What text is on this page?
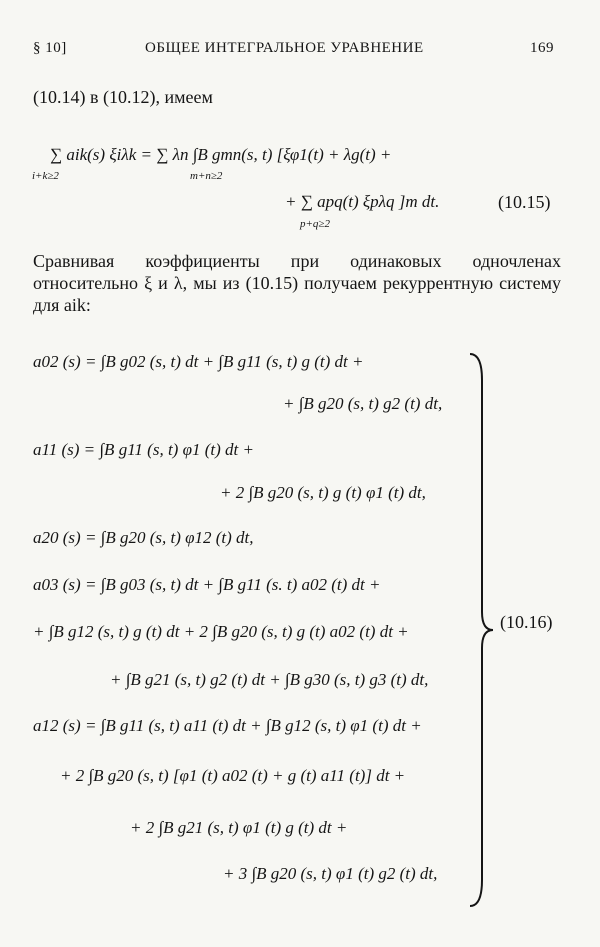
§ 10]	ОБЩЕЕ ИНТЕГРАЛЬНОЕ УРАВНЕНИЕ	169
(10.14) в (10.12), имеем
∑ aik(s) ξiλk = ∑ λn ∫B gmn(s, t) [ξφ1(t) + λg(t) +
i+k≥2	m+n≥2
+ ∑ apq(t) ξpλq ]m dt.
p+q≥2
(10.15)
Сравнивая коэффициенты при одинаковых одночленах относительно ξ и λ, мы из (10.15) получаем рекуррентную систему для aik:
a02 (s) = ∫B g02 (s, t) dt + ∫B g11 (s, t) g (t) dt +
+ ∫B g20 (s, t) g2 (t) dt,
a11 (s) = ∫B g11 (s, t) φ1 (t) dt +
+ 2 ∫B g20 (s, t) g (t) φ1 (t) dt,
a20 (s) = ∫B g20 (s, t) φ12 (t) dt,
a03 (s) = ∫B g03 (s, t) dt + ∫B g11 (s. t) a02 (t) dt +
+ ∫B g12 (s, t) g (t) dt + 2 ∫B g20 (s, t) g (t) a02 (t) dt +
+ ∫B g21 (s, t) g2 (t) dt + ∫B g30 (s, t) g3 (t) dt,
a12 (s) = ∫B g11 (s, t) a11 (t) dt + ∫B g12 (s, t) φ1 (t) dt +
+ 2 ∫B g20 (s, t) [φ1 (t) a02 (t) + g (t) a11 (t)] dt +
+ 2 ∫B g21 (s, t) φ1 (t) g (t) dt +
+ 3 ∫B g20 (s, t) φ1 (t) g2 (t) dt,
(10.16)
